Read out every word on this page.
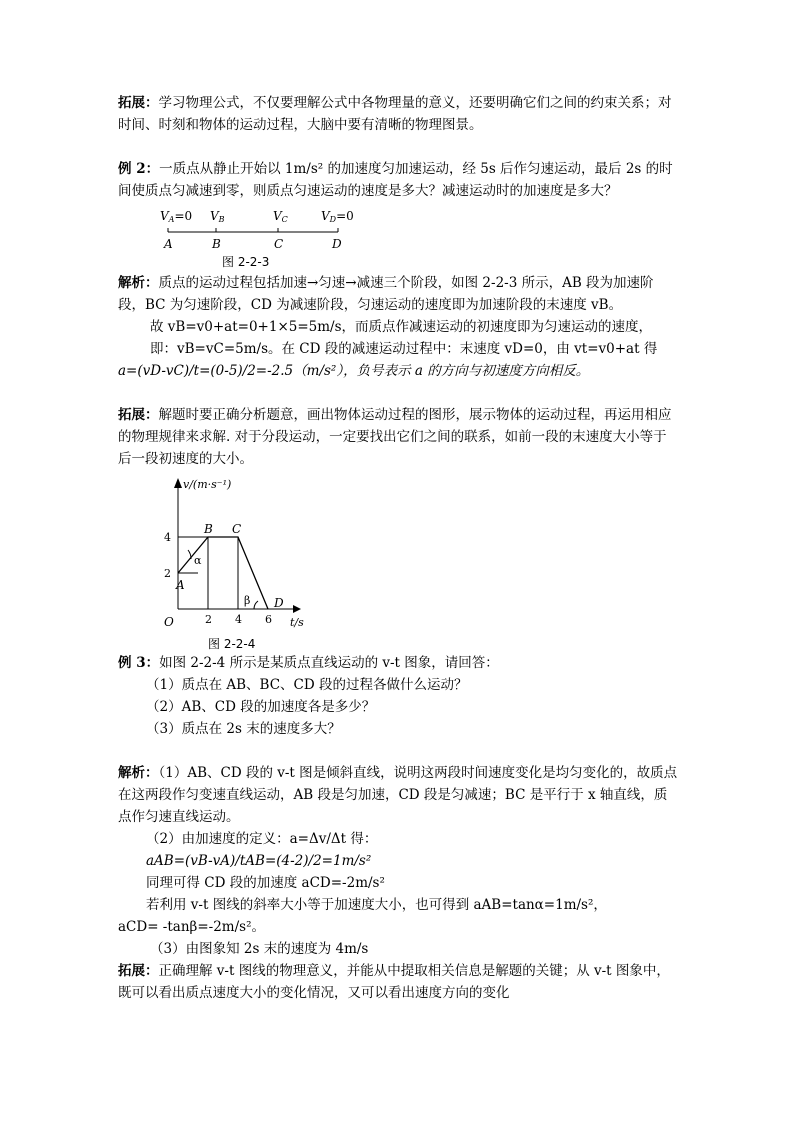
拓展：学习物理公式，不仅要理解公式中各物理量的意义，还要明确它们之间的约束关系；对时间、时刻和物体的运动过程，大脑中要有清晰的物理图景。

例 2：一质点从静止开始以 1m/s² 的加速度匀加速运动，经 5s 后作匀速运动，最后 2s 的时间使质点匀减速到零，则质点匀速运动的速度是多大？减速运动时的加速度是多大？

VA=0 VB	VC	VD=0
A	B	C	D
图 2-2-3

解析：质点的运动过程包括加速→匀速→减速三个阶段，如图 2-2-3 所示，AB 段为加速阶段，BC 为匀速阶段，CD 为减速阶段，匀速运动的速度即为加速阶段的末速度 vB。

故 vB=v0+at=0+1×5=5m/s，而质点作减速运动的初速度即为匀速运动的速度，即：vB=vC=5m/s。在 CD 段的减速运动过程中：末速度 vD=0，由 vt=v0+at 得

a=(vD-vC)/t=(0-5)/2=-2.5（m/s²），负号表示 a 的方向与初速度方向相反。

拓展：解题时要正确分析题意，画出物体运动过程的图形，展示物体的运动过程，再运用相应的物理规律来求解. 对于分段运动，一定要找出它们之间的联系，如前一段的末速度大小等于后一段初速度的大小。

v/(m·s⁻¹)
t/s
O	2 4 6
2
4
A
B C
D
α
β
图 2-2-4

例 3：如图 2-2-4 所示是某质点直线运动的 v-t 图象，请回答：

（1）质点在 AB、BC、CD 段的过程各做什么运动？

（2）AB、CD 段的加速度各是多少？

（3）质点在 2s 末的速度多大？

解析：（1）AB、CD 段的 v-t 图是倾斜直线，说明这两段时间速度变化是均匀变化的，故质点在这两段作匀变速直线运动，AB 段是匀加速，CD 段是匀减速；BC 是平行于 x 轴直线，质点作匀速直线运动。

（2）由加速度的定义：a=Δv/Δt 得：

aAB=(vB-vA)/tAB=(4-2)/2=1m/s²

同理可得 CD 段的加速度 aCD=-2m/s²

若利用 v-t 图线的斜率大小等于加速度大小，也可得到 aAB=tanα=1m/s²，

aCD= -tanβ=-2m/s²。

（3）由图象知 2s 末的速度为 4m/s

拓展：正确理解 v-t 图线的物理意义，并能从中提取相关信息是解题的关键；从 v-t 图象中，既可以看出质点速度大小的变化情况，又可以看出速度方向的变化
